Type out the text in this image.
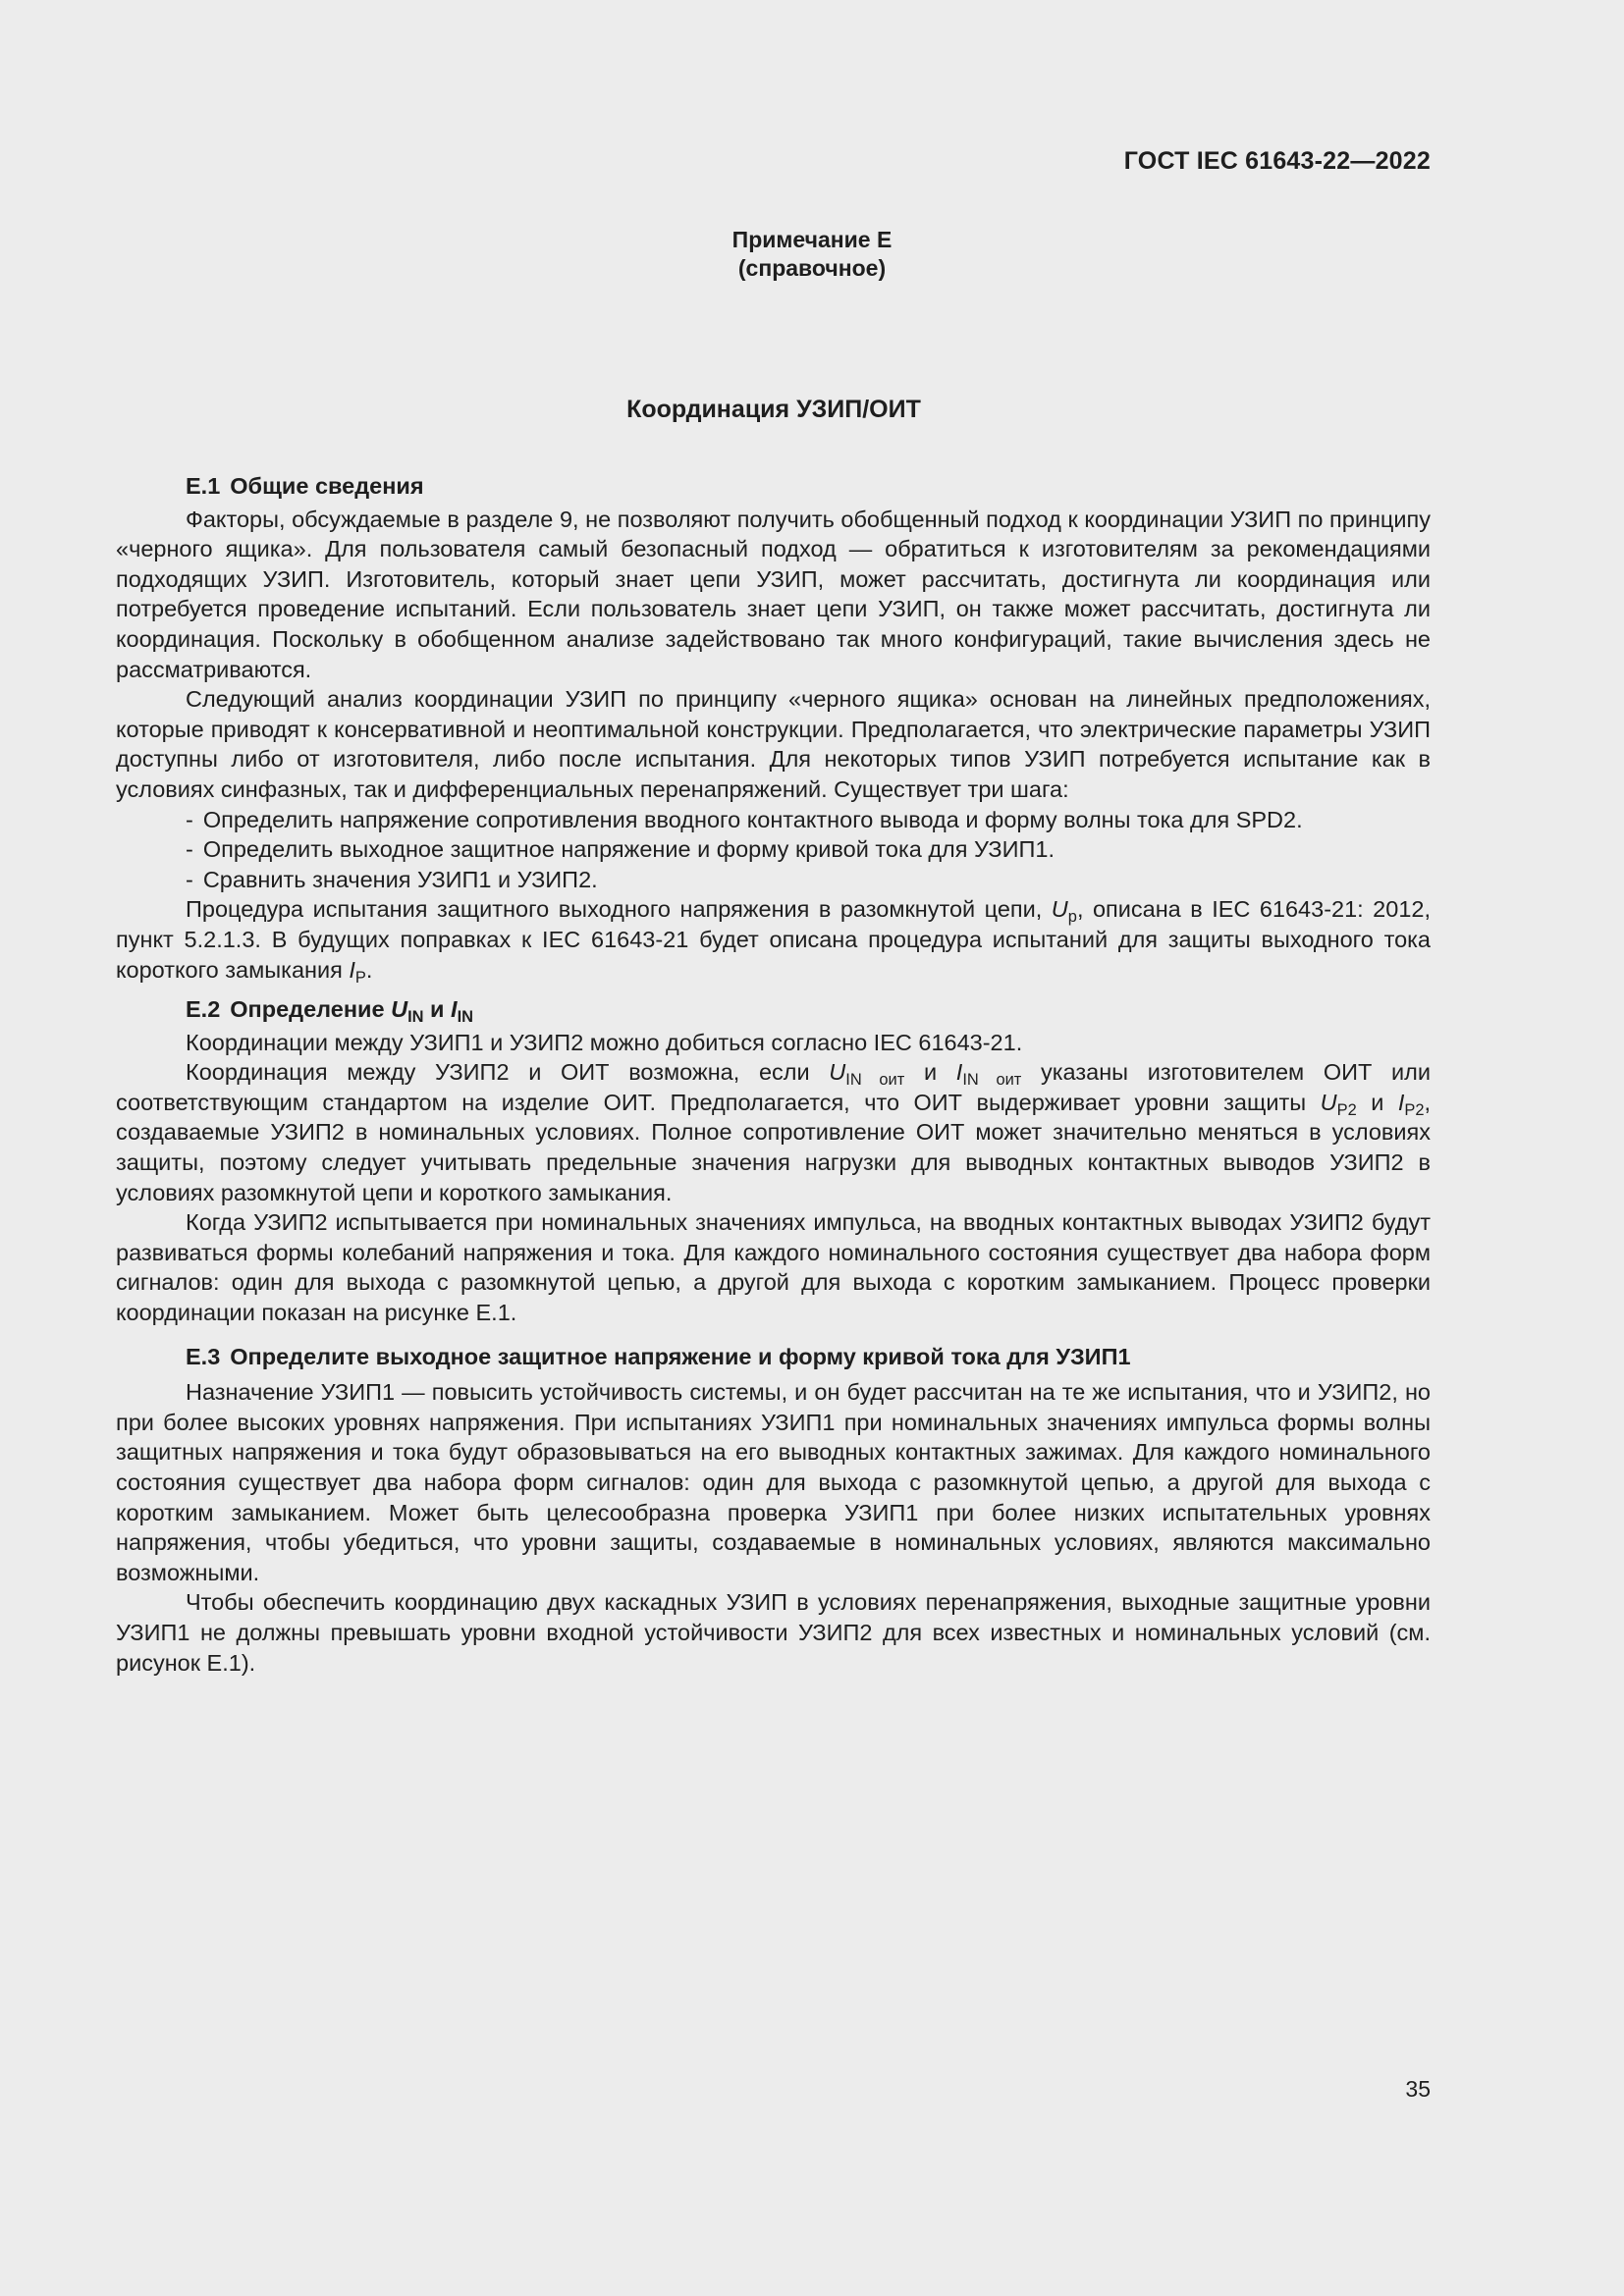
ГОСТ IEC 61643-22—2022
Примечание E
(справочное)
Координация УЗИП/ОИТ
E.1 Общие сведения

Факторы, обсуждаемые в разделе 9, не позволяют получить обобщенный подход к координации УЗИП по принципу «черного ящика». Для пользователя самый безопасный подход — обратиться к изготовителям за рекомендациями подходящих УЗИП. Изготовитель, который знает цепи УЗИП, может рассчитать, достигнута ли координация или потребуется проведение испытаний. Если пользователь знает цепи УЗИП, он также может рассчитать, достигнута ли координация. Поскольку в обобщенном анализе задействовано так много конфигураций, такие вычисления здесь не рассматриваются.

Следующий анализ координации УЗИП по принципу «черного ящика» основан на линейных предположениях, которые приводят к консервативной и неоптимальной конструкции. Предполагается, что электрические параметры УЗИП доступны либо от изготовителя, либо после испытания. Для некоторых типов УЗИП потребуется испытание как в условиях синфазных, так и дифференциальных перенапряжений. Существует три шага:

- Определить напряжение сопротивления вводного контактного вывода и форму волны тока для SPD2.
- Определить выходное защитное напряжение и форму кривой тока для УЗИП1.
- Сравнить значения УЗИП1 и УЗИП2.

Процедура испытания защитного выходного напряжения в разомкнутой цепи, $U_p$, описана в IEC 61643-21: 2012, пункт 5.2.1.3. В будущих поправках к IEC 61643-21 будет описана процедура испытаний для защиты выходного тока короткого замыкания $I_P$.

E.2 Определение $U_{IN}$ и $I_{IN}$

Координации между УЗИП1 и УЗИП2 можно добиться согласно IEC 61643-21.

Координация между УЗИП2 и ОИТ возможна, если $U_{IN оит}$ и $I_{IN оит}$ указаны изготовителем ОИТ или соответствующим стандартом на изделие ОИТ. Предполагается, что ОИТ выдерживает уровни защиты $U_{P2}$ и $I_{P2}$, создаваемые УЗИП2 в номинальных условиях. Полное сопротивление ОИТ может значительно меняться в условиях защиты, поэтому следует учитывать предельные значения нагрузки для выводных контактных выводов УЗИП2 в условиях разомкнутой цепи и короткого замыкания.

Когда УЗИП2 испытывается при номинальных значениях импульса, на вводных контактных выводах УЗИП2 будут развиваться формы колебаний напряжения и тока. Для каждого номинального состояния существует два набора форм сигналов: один для выхода с разомкнутой цепью, а другой для выхода с коротким замыканием. Процесс проверки координации показан на рисунке E.1.

E.3 Определите выходное защитное напряжение и форму кривой тока для УЗИП1

Назначение УЗИП1 — повысить устойчивость системы, и он будет рассчитан на те же испытания, что и УЗИП2, но при более высоких уровнях напряжения. При испытаниях УЗИП1 при номинальных значениях импульса формы волны защитных напряжения и тока будут образовываться на его выводных контактных зажимах. Для каждого номинального состояния существует два набора форм сигналов: один для выхода с разомкнутой цепью, а другой для выхода с коротким замыканием. Может быть целесообразна проверка УЗИП1 при более низких испытательных уровнях напряжения, чтобы убедиться, что уровни защиты, создаваемые в номинальных условиях, являются максимально возможными.

Чтобы обеспечить координацию двух каскадных УЗИП в условиях перенапряжения, выходные защитные уровни УЗИП1 не должны превышать уровни входной устойчивости УЗИП2 для всех известных и номинальных условий (см. рисунок E.1).

35
